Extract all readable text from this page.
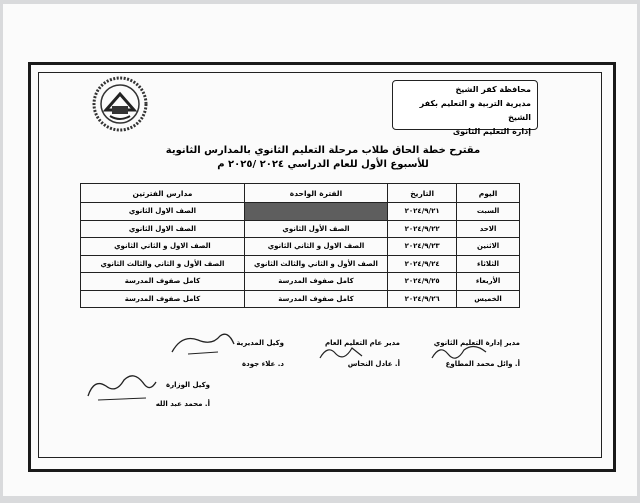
محافظة كفر الشيخ
مديرية التربية و التعليم بكفر الشيخ
إدارة التعليم الثانوى
مقترح خطة الحاق طلاب مرحلة التعليم الثانوي بالمدارس الثانوية
للأسبوع الأول للعام الدراسي ٢٠٢٤ /٢٠٢٥ م
اليوم	التاريخ	الفترة الواحدة	مدارس الفترتين
السبت	٢٠٢٤/٩/٢١		الصف الاول الثانوي
الاحد	٢٠٢٤/٩/٢٢	الصف الأول الثانوي	الصف الاول الثانوي
الاثنين	٢٠٢٤/٩/٢٣	الصف الاول و الثاني الثانوي	الصف الاول و الثاني الثانوي
الثلاثاء	٢٠٢٤/٩/٢٤	الصف الأول و الثاني والثالث الثانوي	الصف الأول و الثاني والثالث الثانوي
الأربعاء	٢٠٢٤/٩/٢٥	كامل صفوف المدرسة	كامل صفوف المدرسة
الخميس	٢٠٢٤/٩/٢٦	كامل صفوف المدرسة	كامل صفوف المدرسة
مدير إدارة التعليم الثانوي
أ. وائل محمد المطاوع
مدير عام التعليم العام
أ. عادل النحاس
وكيل المديرية
د. علاء جودة
وكيل الوزارة
أ. محمد عبد الله
